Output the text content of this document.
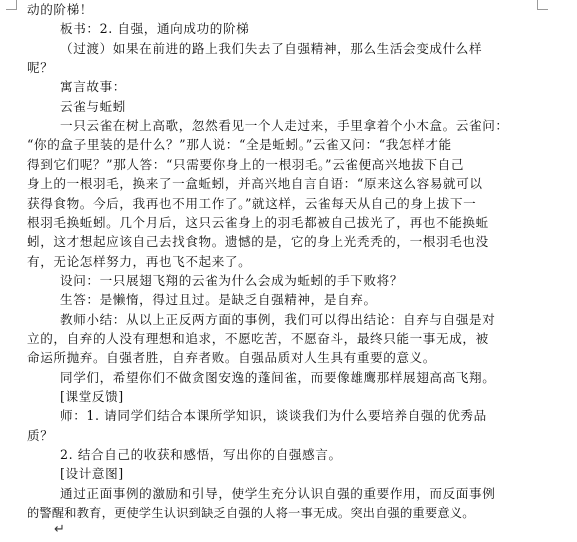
动的阶梯！
板书：2. 自强，通向成功的阶梯
（过渡）如果在前进的路上我们失去了自强精神，那么生活会变成什么样
呢？
寓言故事：
云雀与蚯蚓
一只云雀在树上高歌，忽然看见一个人走过来，手里拿着个小木盒。云雀问：
“你的盒子里装的是什么？”那人说：“全是蚯蚓。”云雀又问：“我怎样才能
得到它们呢？”那人答：“只需要你身上的一根羽毛。”云雀便高兴地拔下自己
身上的一根羽毛，换来了一盒蚯蚓，并高兴地自言自语：“原来这么容易就可以
获得食物。今后，我再也不用工作了。”就这样，云雀每天从自己的身上拔下一
根羽毛换蚯蚓。几个月后，这只云雀身上的羽毛都被自己拔光了，再也不能换蚯
蚓，这才想起应该自己去找食物。遗憾的是，它的身上光秃秃的，一根羽毛也没
有，无论怎样努力，再也飞不起来了。
设问：一只展翅飞翔的云雀为什么会成为蚯蚓的手下败将？
生答：是懒惰，得过且过。是缺乏自强精神，是自弃。
教师小结：从以上正反两方面的事例，我们可以得出结论：自弃与自强是对
立的，自弃的人没有理想和追求，不愿吃苦，不愿奋斗，最终只能一事无成，被
命运所抛弃。自强者胜，自弃者败。自强品质对人生具有重要的意义。
同学们，希望你们不做贪图安逸的蓬间雀，而要像雄鹰那样展翅高高飞翔。
[课堂反馈]
师：1. 请同学们结合本课所学知识，谈谈我们为什么要培养自强的优秀品
质？
2. 结合自己的收获和感悟，写出你的自强感言。
[设计意图]
通过正面事例的激励和引导，使学生充分认识自强的重要作用，而反面事例
的警醒和教育，更使学生认识到缺乏自强的人将一事无成。突出自强的重要意义。
↵
